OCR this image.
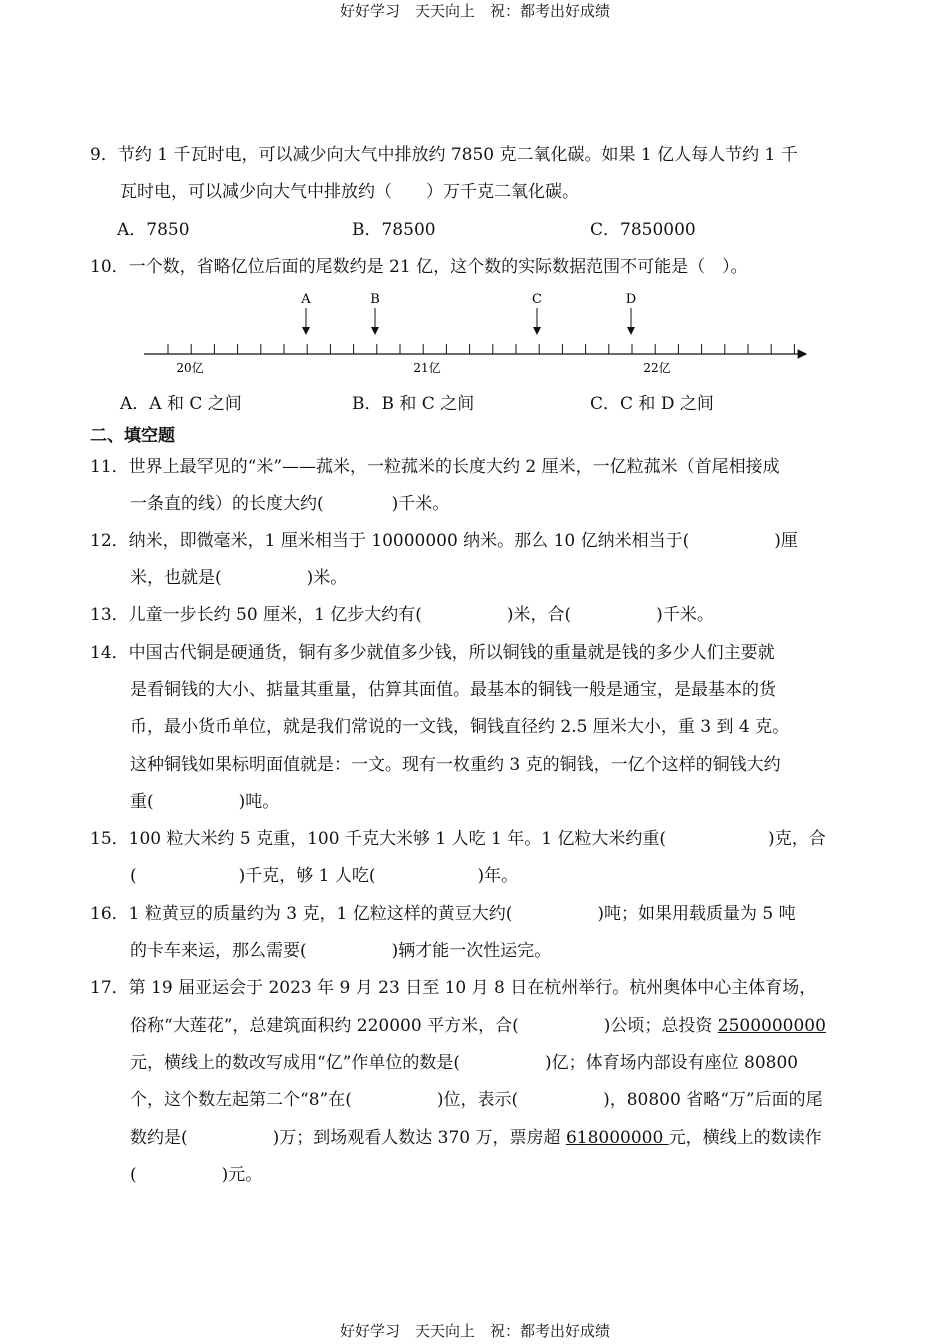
好好学习　天天向上　祝：都考出好成绩
9．节约 1 千瓦时电，可以减少向大气中排放约 7850 克二氧化碳。如果 1 亿人每人节约 1 千
瓦时电，可以减少向大气中排放约（　　）万千克二氧化碳。
A．7850	B．78500	C．7850000
10．一个数，省略亿位后面的尾数约是 21 亿，这个数的实际数据范围不可能是（　）。
A	B	C	D
20亿	21亿	22亿
A．A 和 C 之间	B．B 和 C 之间	C．C 和 D 之间
二、填空题
11．世界上最罕见的“米”——菰米，一粒菰米的长度大约 2 厘米，一亿粒菰米（首尾相接成
一条直的线）的长度大约(　　　　)千米。
12．纳米，即微毫米，1 厘米相当于 10000000 纳米。那么 10 亿纳米相当于(　　　　　)厘
米，也就是(　　　　　)米。
13．儿童一步长约 50 厘米，1 亿步大约有(　　　　　)米，合(　　　　　)千米。
14．中国古代铜是硬通货，铜有多少就值多少钱，所以铜钱的重量就是钱的多少人们主要就
是看铜钱的大小、掂量其重量，估算其面值。最基本的铜钱一般是通宝，是最基本的货
币，最小货币单位，就是我们常说的一文钱，铜钱直径约 2.5 厘米大小，重 3 到 4 克。
这种铜钱如果标明面值就是：一文。现有一枚重约 3 克的铜钱，一亿个这样的铜钱大约
重(　　　　　)吨。
15．100 粒大米约 5 克重，100 千克大米够 1 人吃 1 年。1 亿粒大米约重(　　　　　　)克，合
(　　　　　　)千克，够 1 人吃(　　　　　　)年。
16．1 粒黄豆的质量约为 3 克，1 亿粒这样的黄豆大约(　　　　　)吨；如果用载质量为 5 吨
的卡车来运，那么需要(　　　　　)辆才能一次性运完。
17．第 19 届亚运会于 2023 年 9 月 23 日至 10 月 8 日在杭州举行。杭州奥体中心主体育场，
俗称“大莲花”，总建筑面积约 220000 平方米，合(　　　　　)公顷；总投资 2500000000
元，横线上的数改写成用“亿”作单位的数是(　　　　　)亿；体育场内部设有座位 80800
个，这个数左起第二个“8”在(　　　　　)位，表示(　　　　　)，80800 省略“万”后面的尾
数约是(　　　　　)万；到场观看人数达 370 万，票房超 618000000 元，横线上的数读作
(　　　　　)元。
好好学习　天天向上　祝：都考出好成绩
